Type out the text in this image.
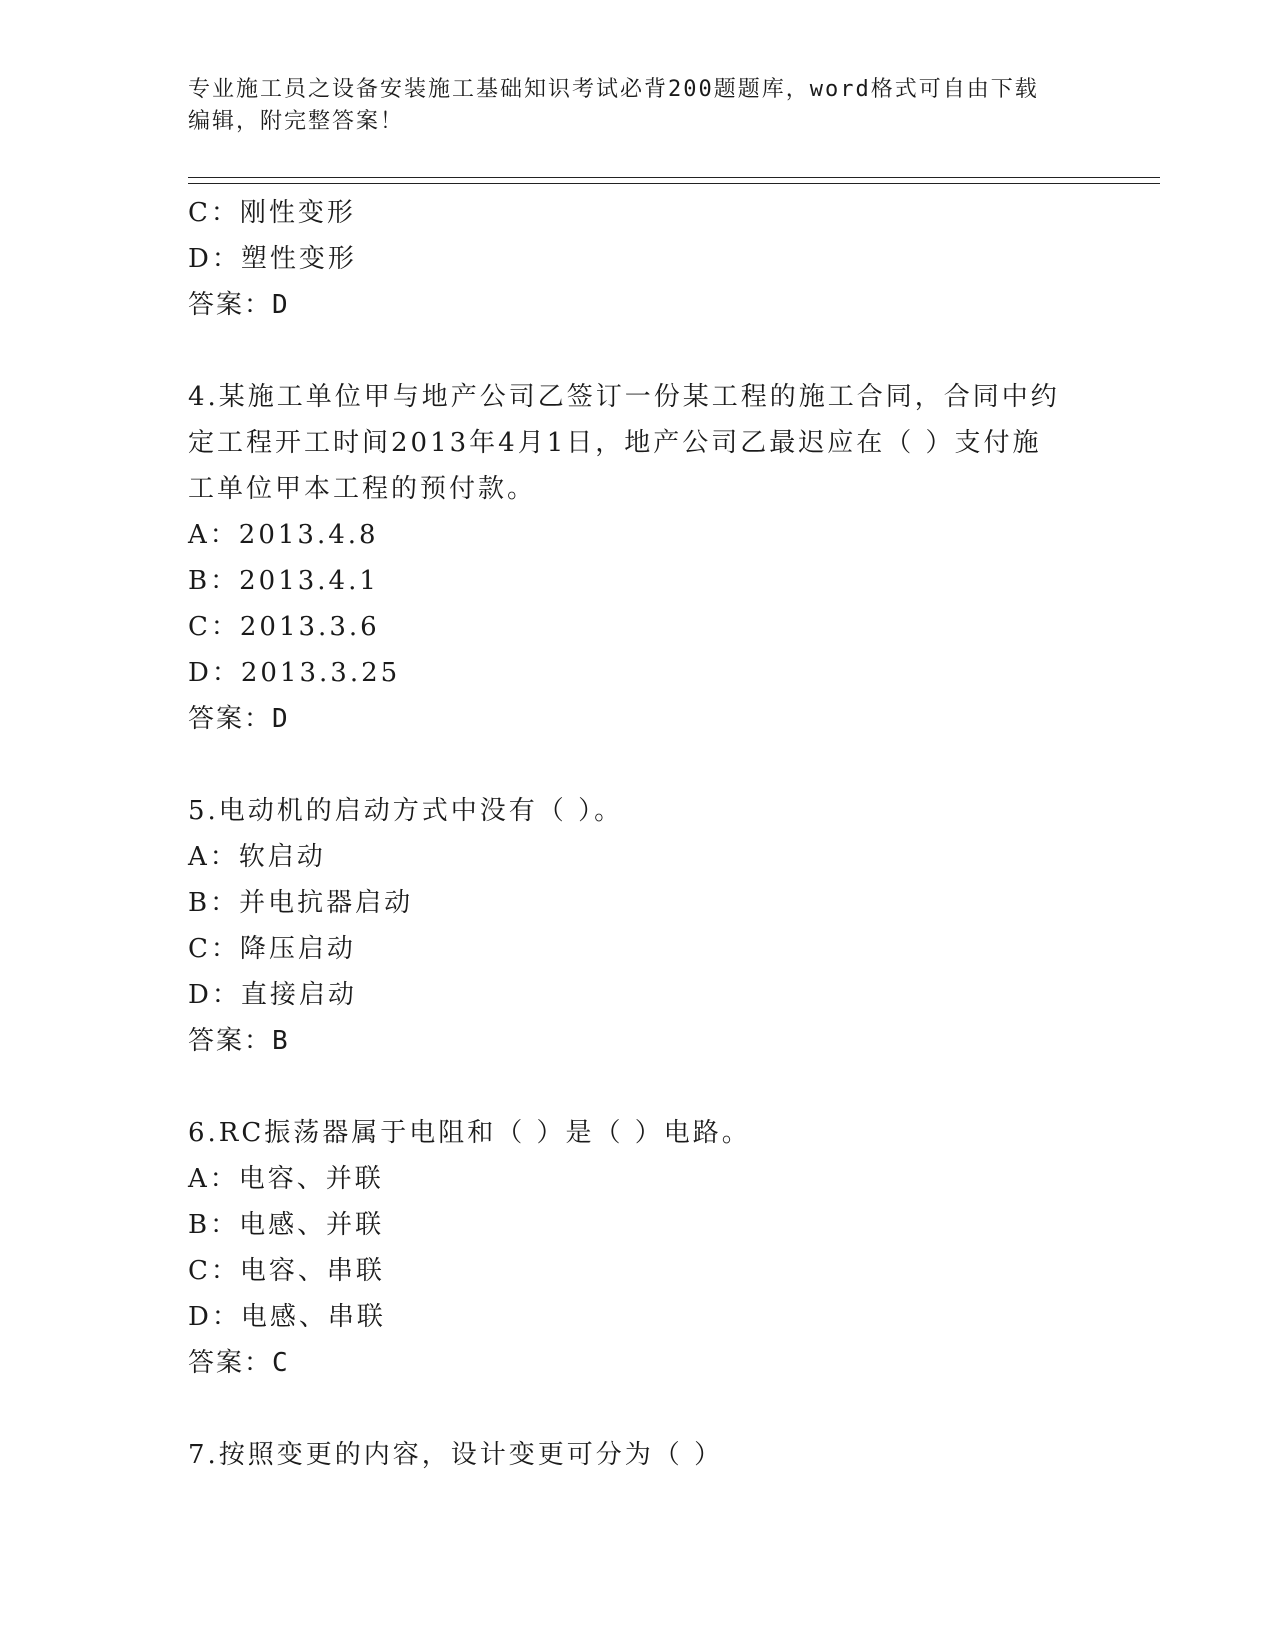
专业施工员之设备安装施工基础知识考试必背200题题库，word格式可自由下载
编辑，附完整答案！
C：刚性变形
D：塑性变形
答案：D
4.某施工单位甲与地产公司乙签订一份某工程的施工合同，合同中约
定工程开工时间2013年4月1日，地产公司乙最迟应在（ ）支付施
工单位甲本工程的预付款。
A：2013.4.8
B：2013.4.1
C：2013.3.6
D：2013.3.25
答案：D
5.电动机的启动方式中没有（ ）。
A：软启动
B：并电抗器启动
C：降压启动
D：直接启动
答案：B
6.RC振荡器属于电阻和（ ）是（ ）电路。
A：电容、并联
B：电感、并联
C：电容、串联
D：电感、串联
答案：C
7.按照变更的内容，设计变更可分为（ ）
